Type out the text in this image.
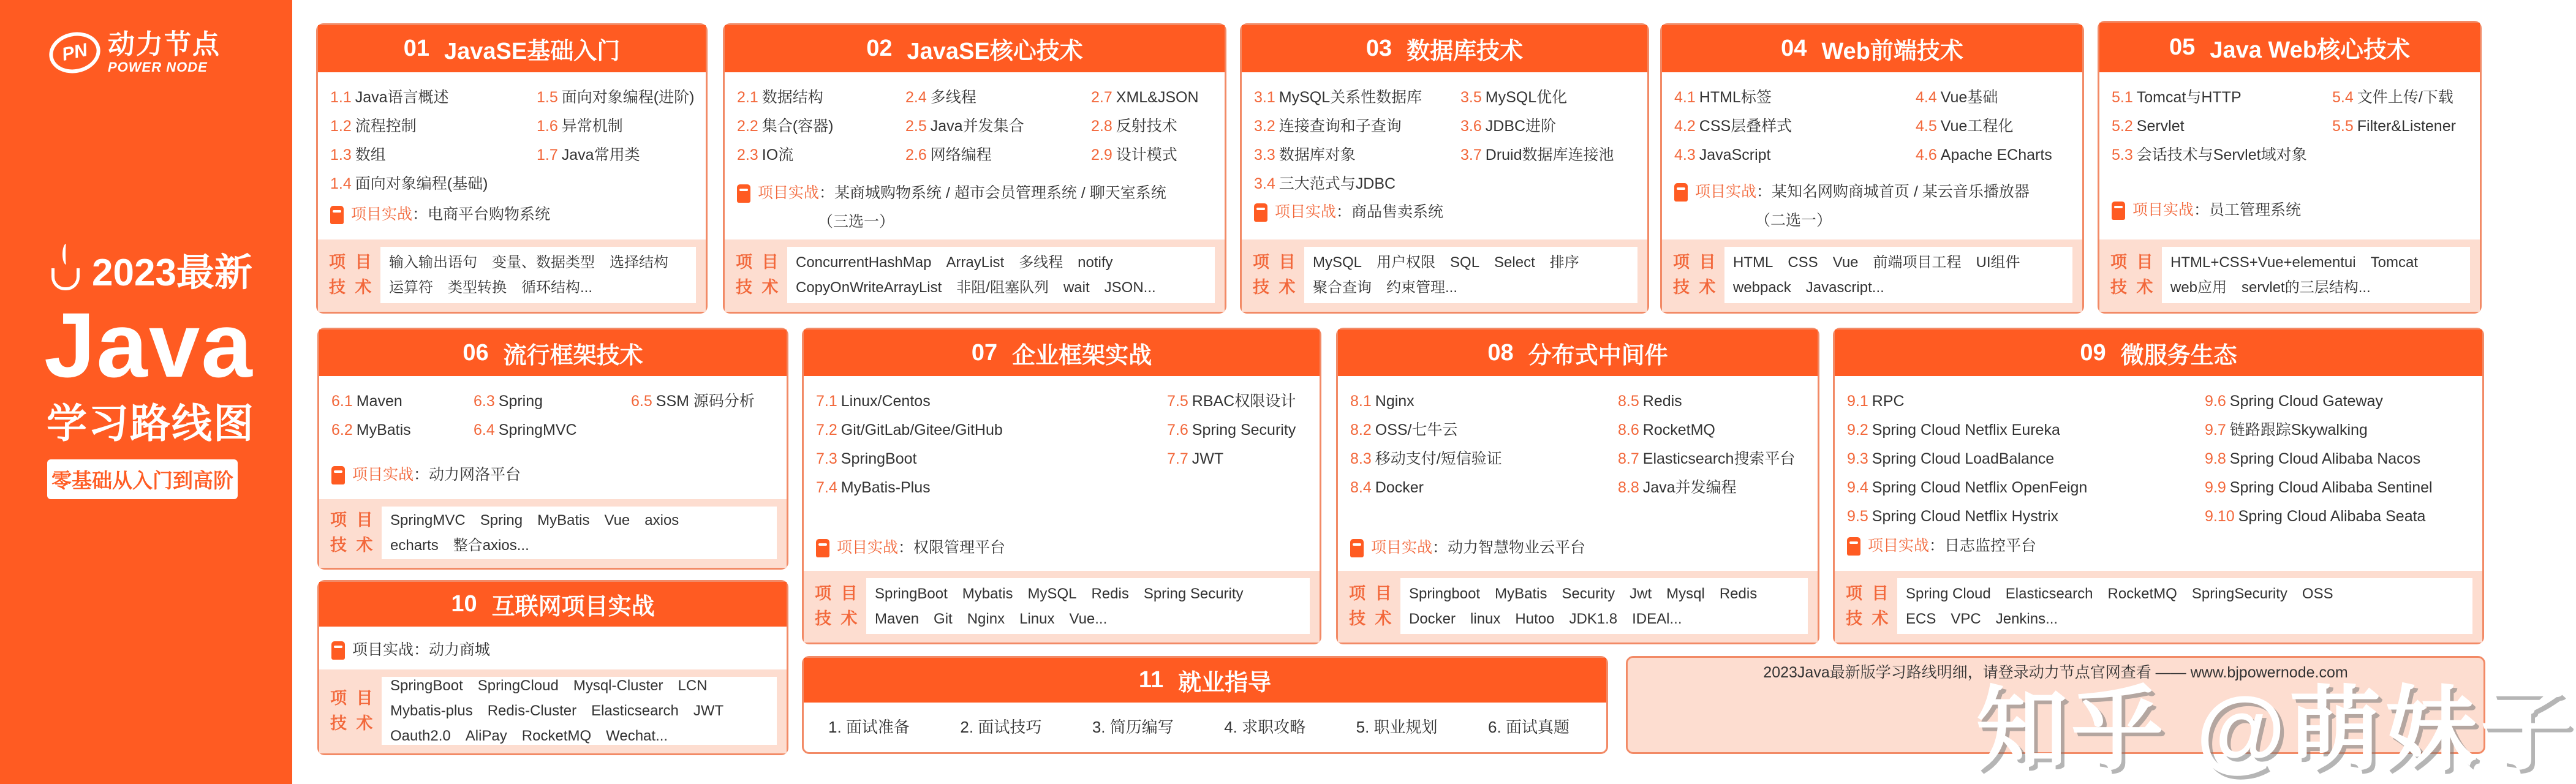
PN 动力节点
POWER NODE
2023最新
Java
学习路线图
零基础从入门到高阶
01 JavaSE基础入门
1.1 Java语言概述
1.2 流程控制
1.3 数组
1.4 面向对象编程(基础)
1.5 面向对象编程(进阶)
1.6 异常机制
1.7 Java常用类
项目实战 ： 电商平台购物系统
项 目
技 术
输入输出语句 变量、数据类型 选择结构
运算符 类型转换 循环结构...
02 JavaSE核心技术
2.1 数据结构
2.2 集合(容器)
2.3 IO流
2.4 多线程
2.5 Java并发集合
2.6 网络编程
2.7 XML&JSON
2.8 反射技术
2.9 设计模式
项目实战 ： 某商城购物系统 / 超市会员管理系统 / 聊天室系统
（三选一）
项 目
技 术
ConcurrentHashMap ArrayList 多线程 notify
CopyOnWriteArrayList 非阻/阻塞队列 wait JSON...
03 数据库技术
3.1 MySQL关系性数据库
3.2 连接查询和子查询
3.3 数据库对象
3.4 三大范式与JDBC
3.5 MySQL优化
3.6 JDBC进阶
3.7 Druid数据库连接池
项目实战 ： 商品售卖系统
项 目
技 术
MySQL 用户权限 SQL Select 排序
聚合查询 约束管理...
04 Web前端技术
4.1 HTML标签
4.2 CSS层叠样式
4.3 JavaScript
4.4 Vue基础
4.5 Vue工程化
4.6 Apache ECharts
项目实战 ： 某知名网购商城首页 / 某云音乐播放器
（二选一）
项 目
技 术
HTML CSS Vue 前端项目工程 UI组件
webpack Javascript...
05 Java Web核心技术
5.1 Tomcat与HTTP
5.2 Servlet
5.3 会话技术与Servlet域对象
5.4 文件上传/下载
5.5 Filter&Listener
项目实战 ： 员工管理系统
项 目
技 术
HTML+CSS+Vue+elementui Tomcat
web应用 servlet的三层结构...
06 流行框架技术
6.1 Maven
6.2 MyBatis
6.3 Spring
6.4 SpringMVC
6.5 SSM 源码分析
项目实战 ： 动力网洛平台
项 目
技 术
SpringMVC Spring MyBatis Vue axios
echarts 整合axios...
07 企业框架实战
7.1 Linux/Centos
7.2 Git/GitLab/Gitee/GitHub
7.3 SpringBoot
7.4 MyBatis-Plus
7.5 RBAC权限设计
7.6 Spring Security
7.7 JWT
项目实战 ： 权限管理平台
项 目
技 术
SpringBoot Mybatis MySQL Redis Spring Security
Maven Git Nginx Linux Vue...
08 分布式中间件
8.1 Nginx
8.2 OSS/七牛云
8.3 移动支付/短信验证
8.4 Docker
8.5 Redis
8.6 RocketMQ
8.7 Elasticsearch搜索平台
8.8 Java并发编程
项目实战 ： 动力智慧物业云平台
项 目
技 术
Springboot MyBatis Security Jwt Mysql Redis
Docker linux Hutoo JDK1.8 IDEAl...
09 微服务生态
9.1 RPC
9.2 Spring Cloud Netflix Eureka
9.3 Spring Cloud LoadBalance
9.4 Spring Cloud Netflix OpenFeign
9.5 Spring Cloud Netflix Hystrix
9.6 Spring Cloud Gateway
9.7 链路跟踪Skywalking
9.8 Spring Cloud Alibaba Nacos
9.9 Spring Cloud Alibaba Sentinel
9.10 Spring Cloud Alibaba Seata
项目实战 ： 日志监控平台
项 目
技 术
Spring Cloud Elasticsearch RocketMQ SpringSecurity OSS
ECS VPC Jenkins...
10 互联网项目实战
项目实战 ： 动力商城
项 目
技 术
SpringBoot SpringCloud Mysql-Cluster LCN
Mybatis-plus Redis-Cluster Elasticsearch JWT
Oauth2.0 AliPay RocketMQ Wechat...
11 就业指导
1. 面试准备	2. 面试技巧	3. 简历编写	4. 求职攻略	5. 职业规划	6. 面试真题
2023Java最新版学习路线明细，请登录动力节点官网查看 —— www.bjpowernode.com
知乎 @萌妹子
